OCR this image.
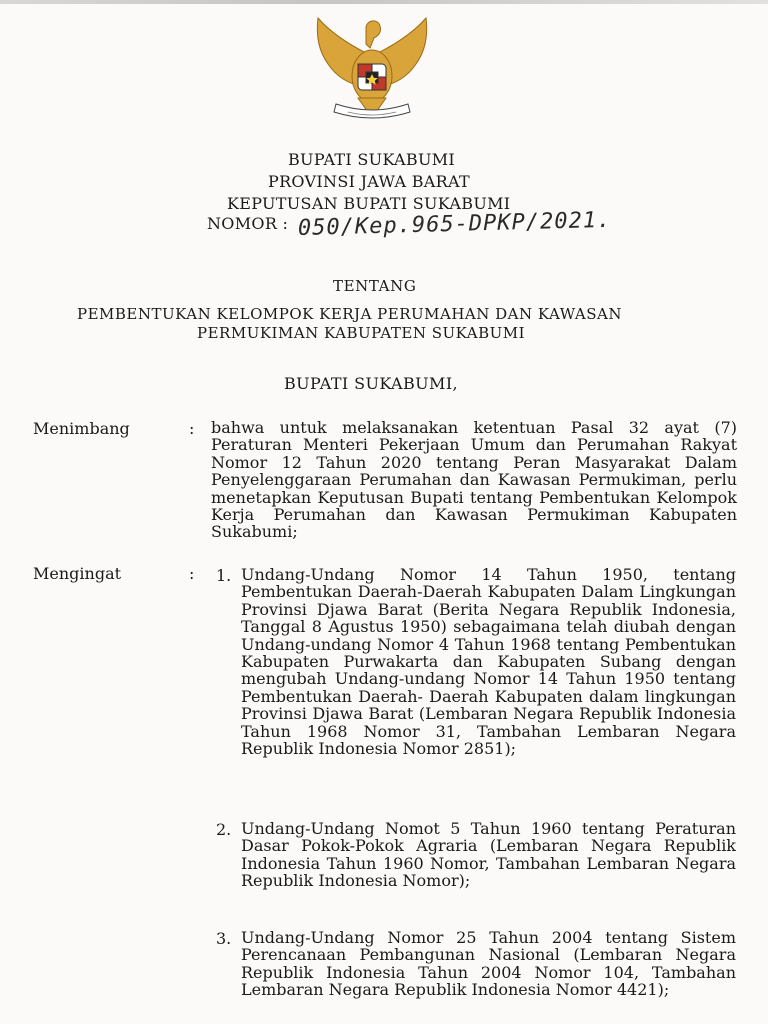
BUPATI SUKABUMI
PROVINSI JAWA BARAT
KEPUTUSAN BUPATI SUKABUMI
NOMOR : 050/Kep.965-DPKP/2021.
TENTANG
PEMBENTUKAN KELOMPOK KERJA PERUMAHAN DAN KAWASAN
PERMUKIMAN KABUPATEN SUKABUMI
BUPATI SUKABUMI,
Menimbang	: bahwa untuk melaksanakan ketentuan Pasal 32 ayat (7) Peraturan Menteri Pekerjaan Umum dan Perumahan Rakyat Nomor 12 Tahun 2020 tentang Peran Masyarakat Dalam Penyelenggaraan Perumahan dan Kawasan Permukiman, perlu menetapkan Keputusan Bupati tentang Pembentukan Kelompok Kerja Perumahan dan Kawasan Permukiman Kabupaten Sukabumi;
Mengingat	: 1. Undang-Undang Nomor 14 Tahun 1950, tentang Pembentukan Daerah-Daerah Kabupaten Dalam Lingkungan Provinsi Djawa Barat (Berita Negara Republik Indonesia, Tanggal 8 Agustus 1950) sebagaimana telah diubah dengan Undang-undang Nomor 4 Tahun 1968 tentang Pembentukan Kabupaten Purwakarta dan Kabupaten Subang dengan mengubah Undang-undang Nomor 14 Tahun 1950 tentang Pembentukan Daerah- Daerah Kabupaten dalam lingkungan Provinsi Djawa Barat (Lembaran Negara Republik Indonesia Tahun 1968 Nomor 31, Tambahan Lembaran Negara Republik Indonesia Nomor 2851);
2. Undang-Undang Nomot 5 Tahun 1960 tentang Peraturan Dasar Pokok-Pokok Agraria (Lembaran Negara Republik Indonesia Tahun 1960 Nomor, Tambahan Lembaran Negara Republik Indonesia Nomor);
3. Undang-Undang Nomor 25 Tahun 2004 tentang Sistem Perencanaan Pembangunan Nasional (Lembaran Negara Republik Indonesia Tahun 2004 Nomor 104, Tambahan Lembaran Negara Republik Indonesia Nomor 4421);
